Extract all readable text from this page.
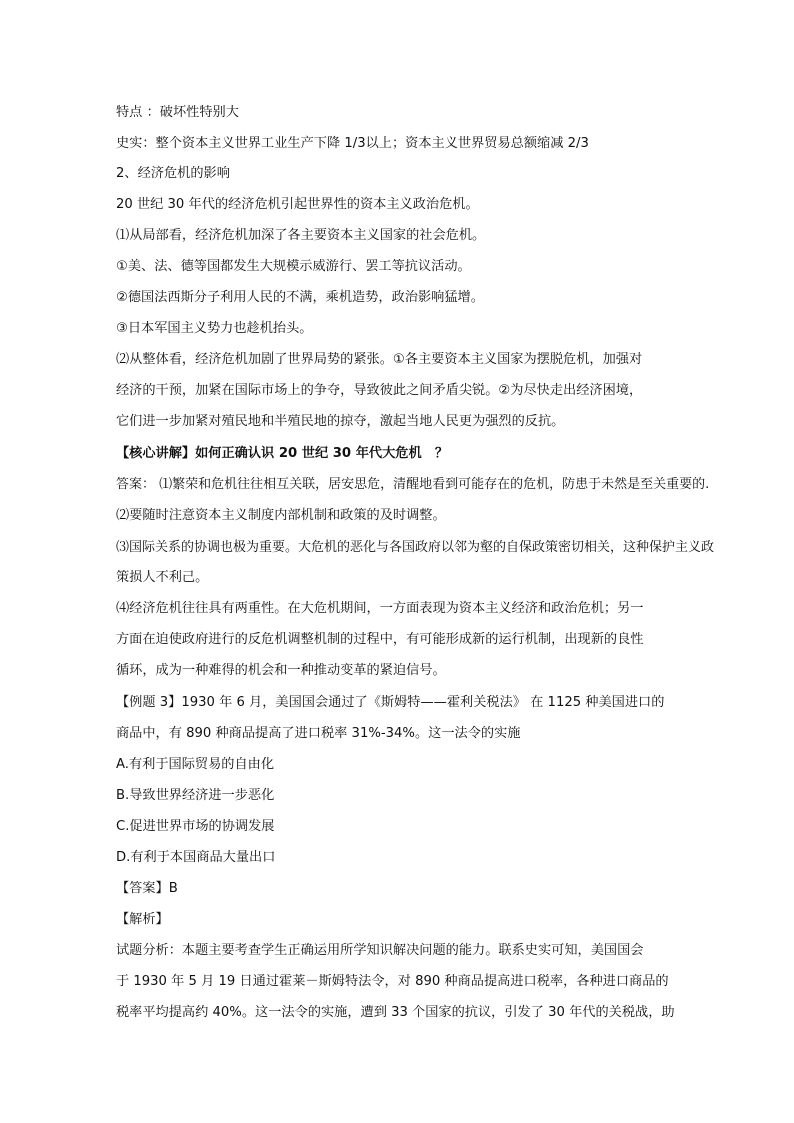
特点 ：破坏性特别大

史实：整个资本主义世界工业生产下降 1/3以上；资本主义世界贸易总额缩减 2/3

2、经济危机的影响

20 世纪 30 年代的经济危机引起世界性的资本主义政治危机。

⑴从局部看，经济危机加深了各主要资本主义国家的社会危机。

①美、法、德等国都发生大规模示威游行、罢工等抗议活动。

②德国法西斯分子利用人民的不满，乘机造势，政治影响猛增。

③日本军国主义势力也趁机抬头。

⑵从整体看，经济危机加剧了世界局势的紧张。①各主要资本主义国家为摆脱危机，加强对

经济的干预，加紧在国际市场上的争夺，导致彼此之间矛盾尖锐。②为尽快走出经济困境，

它们进一步加紧对殖民地和半殖民地的掠夺，激起当地人民更为强烈的反抗。

【核心讲解】如何正确认识 20 世纪 30 年代大危机　？

答案： ⑴繁荣和危机往往相互关联，居安思危，清醒地看到可能存在的危机，防患于未然是至关重要的.

⑵要随时注意资本主义制度内部机制和政策的及时调整。

⑶国际关系的协调也极为重要。大危机的恶化与各国政府以邻为壑的自保政策密切相关，这种保护主义政

策损人不利己。

⑷经济危机往往具有两重性。在大危机期间，一方面表现为资本主义经济和政治危机；另一

方面在迫使政府进行的反危机调整机制的过程中，有可能形成新的运行机制，出现新的良性

循环，成为一种难得的机会和一种推动变革的紧迫信号。

【例题 3】1930 年 6 月，美国国会通过了《斯姆特——霍利关税法》 在 1125 种美国进口的

商品中，有 890 种商品提高了进口税率 31%-34%。这一法令的实施

A.有利于国际贸易的自由化

B.导致世界经济进一步恶化

C.促进世界市场的协调发展

D.有利于本国商品大量出口

【答案】B

【解析】

试题分析：本题主要考查学生正确运用所学知识解决问题的能力。联系史实可知，美国国会

于 1930 年 5 月 19 日通过霍莱－斯姆特法令，对 890 种商品提高进口税率，各种进口商品的

税率平均提高约 40%。这一法令的实施，遭到 33 个国家的抗议，引发了 30 年代的关税战，助
